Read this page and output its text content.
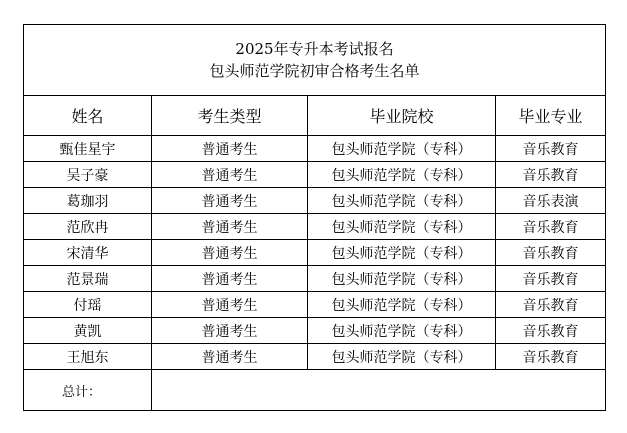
2025年专升本考试报名
包头师范学院初审合格考生名单			

姓名	考生类型	毕业院校	毕业专业
甄佳星宇	普通考生	包头师范学院（专科）	音乐教育
吴子豪	普通考生	包头师范学院（专科）	音乐教育
葛珈羽	普通考生	包头师范学院（专科）	音乐表演
范欣冉	普通考生	包头师范学院（专科）	音乐教育
宋清华	普通考生	包头师范学院（专科）	音乐教育
范景瑞	普通考生	包头师范学院（专科）	音乐教育
付瑶	普通考生	包头师范学院（专科）	音乐教育
黄凯	普通考生	包头师范学院（专科）	音乐教育
王旭东	普通考生	包头师范学院（专科）	音乐教育
总计：			
